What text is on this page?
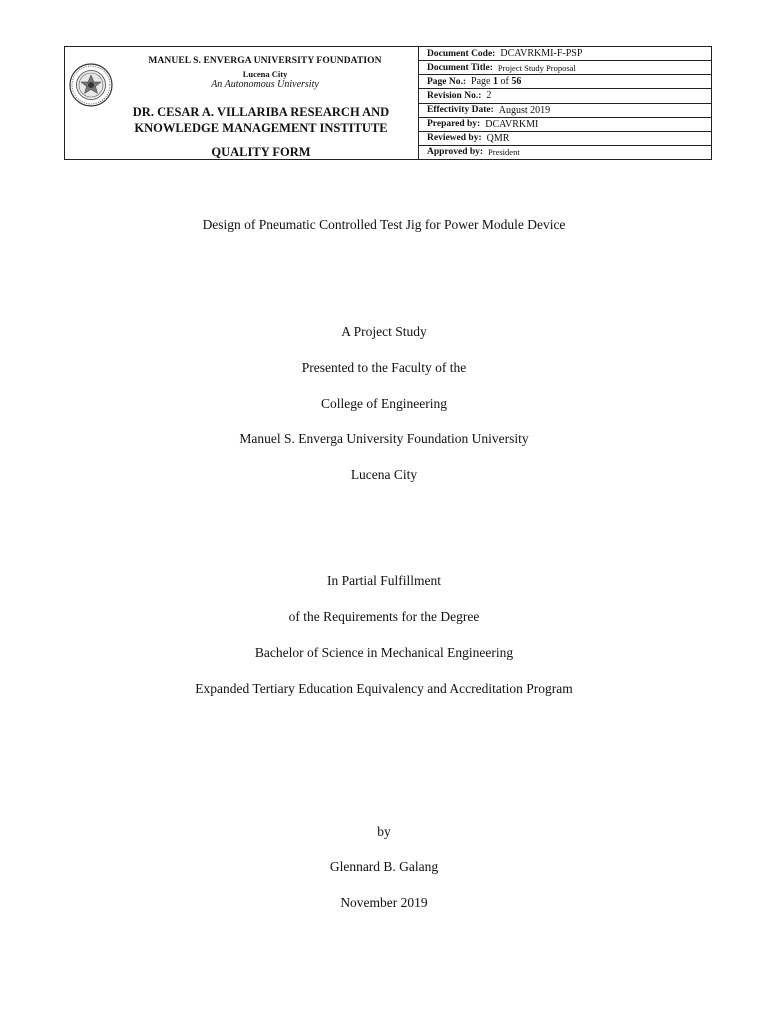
MANUEL S. ENVERGA UNIVERSITY FOUNDATION
Lucena City
An Autonomous University
DR. CESAR A. VILLARIBA RESEARCH AND
KNOWLEDGE MANAGEMENT INSTITUTE
QUALITY FORM
Document Code: DCAVRKMI-F-PSP
Document Title: Project Study Proposal
Page No.: Page 1 of 56
Revision No.: 2
Effectivity Date: August 2019
Prepared by: DCAVRKMI
Reviewed by: QMR
Approved by: President
Design of Pneumatic Controlled Test Jig for Power Module Device
A Project Study
Presented to the Faculty of the
College of Engineering
Manuel S. Enverga University Foundation University
Lucena City
In Partial Fulfillment
of the Requirements for the Degree
Bachelor of Science in Mechanical Engineering
Expanded Tertiary Education Equivalency and Accreditation Program
by
Glennard B. Galang
November 2019
